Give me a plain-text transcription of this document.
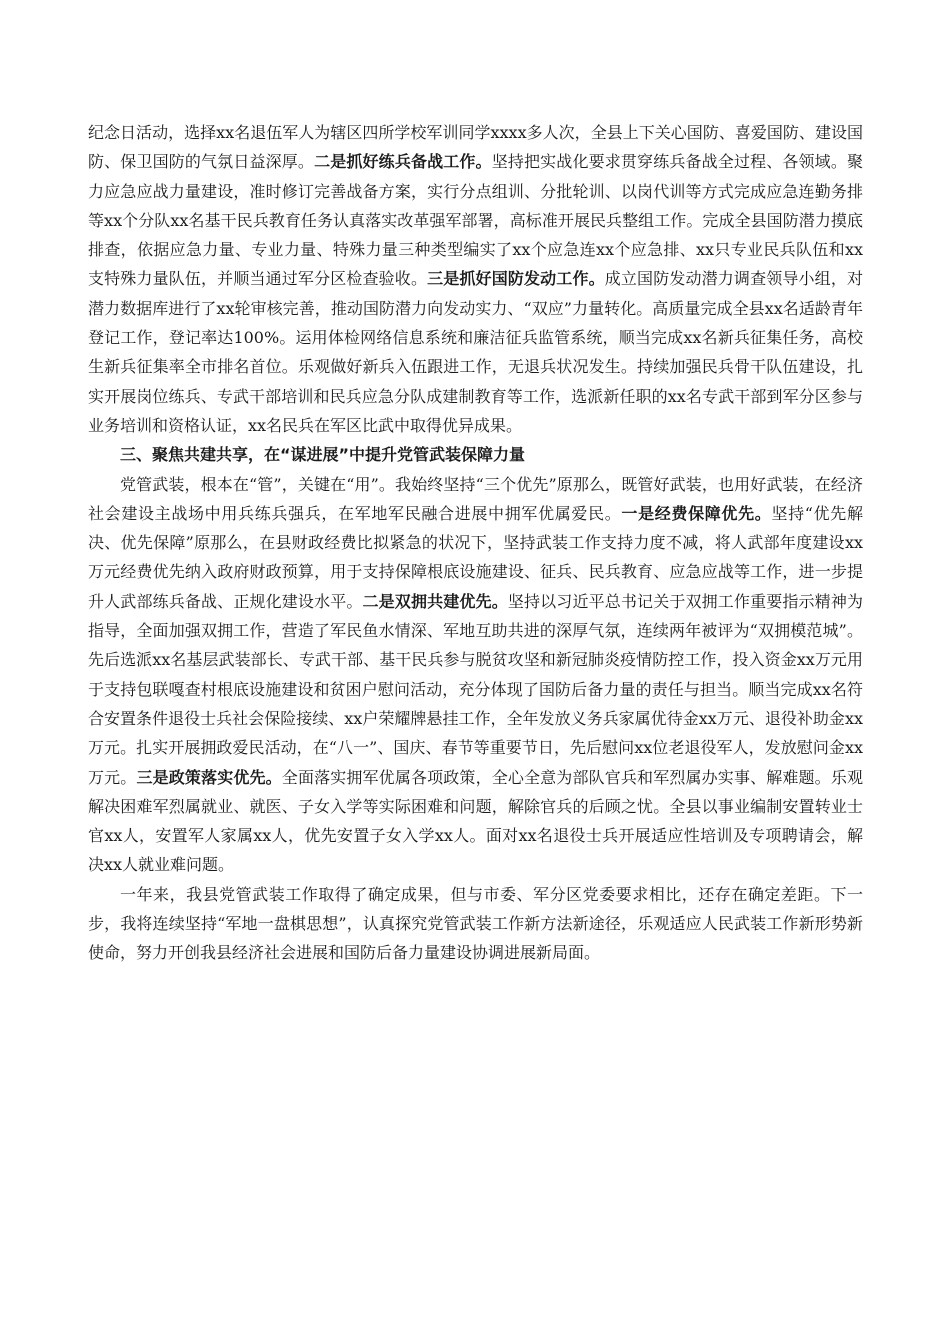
纪念日活动，选择xx名退伍军人为辖区四所学校军训同学xxxx多人次，全县上下关心国防、喜爱国防、建设国防、保卫国防的气氛日益深厚。二是抓好练兵备战工作。坚持把实战化要求贯穿练兵备战全过程、各领域。聚力应急应战力量建设，准时修订完善战备方案，实行分点组训、分批轮训、以岗代训等方式完成应急连勤务排等xx个分队xx名基干民兵教育任务认真落实改革强军部署，高标准开展民兵整组工作。完成全县国防潜力摸底排查，依据应急力量、专业力量、特殊力量三种类型编实了xx个应急连xx个应急排、xx只专业民兵队伍和xx支特殊力量队伍，并顺当通过军分区检查验收。三是抓好国防发动工作。成立国防发动潜力调查领导小组，对潜力数据库进行了xx轮审核完善，推动国防潜力向发动实力、“双应”力量转化。高质量完成全县xx名适龄青年登记工作，登记率达100%。运用体检网络信息系统和廉洁征兵监管系统，顺当完成xx名新兵征集任务，高校生新兵征集率全市排名首位。乐观做好新兵入伍跟进工作，无退兵状况发生。持续加强民兵骨干队伍建设，扎实开展岗位练兵、专武干部培训和民兵应急分队成建制教育等工作，选派新任职的xx名专武干部到军分区参与业务培训和资格认证，xx名民兵在军区比武中取得优异成果。

三、聚焦共建共享，在“谋进展”中提升党管武装保障力量

党管武装，根本在“管”，关键在“用”。我始终坚持“三个优先”原那么，既管好武装，也用好武装，在经济社会建设主战场中用兵练兵强兵，在军地军民融合进展中拥军优属爱民。一是经费保障优先。坚持“优先解决、优先保障”原那么，在县财政经费比拟紧急的状况下，坚持武装工作支持力度不减，将人武部年度建设xx万元经费优先纳入政府财政预算，用于支持保障根底设施建设、征兵、民兵教育、应急应战等工作，进一步提升人武部练兵备战、正规化建设水平。二是双拥共建优先。坚持以习近平总书记关于双拥工作重要指示精神为指导，全面加强双拥工作，营造了军民鱼水情深、军地互助共进的深厚气氛，连续两年被评为“双拥模范城”。先后选派xx名基层武装部长、专武干部、基干民兵参与脱贫攻坚和新冠肺炎疫情防控工作，投入资金xx万元用于支持包联嘎查村根底设施建设和贫困户慰问活动，充分体现了国防后备力量的责任与担当。顺当完成xx名符合安置条件退役士兵社会保险接续、xx户荣耀牌悬挂工作，全年发放义务兵家属优待金xx万元、退役补助金xx万元。扎实开展拥政爱民活动，在“八一”、国庆、春节等重要节日，先后慰问xx位老退役军人，发放慰问金xx万元。三是政策落实优先。全面落实拥军优属各项政策，全心全意为部队官兵和军烈属办实事、解难题。乐观解决困难军烈属就业、就医、子女入学等实际困难和问题，解除官兵的后顾之忧。全县以事业编制安置转业士官xx人，安置军人家属xx人，优先安置子女入学xx人。面对xx名退役士兵开展适应性培训及专项聘请会，解决xx人就业难问题。

一年来，我县党管武装工作取得了确定成果，但与市委、军分区党委要求相比，还存在确定差距。下一步，我将连续坚持“军地一盘棋思想”，认真探究党管武装工作新方法新途径，乐观适应人民武装工作新形势新使命，努力开创我县经济社会进展和国防后备力量建设协调进展新局面。
